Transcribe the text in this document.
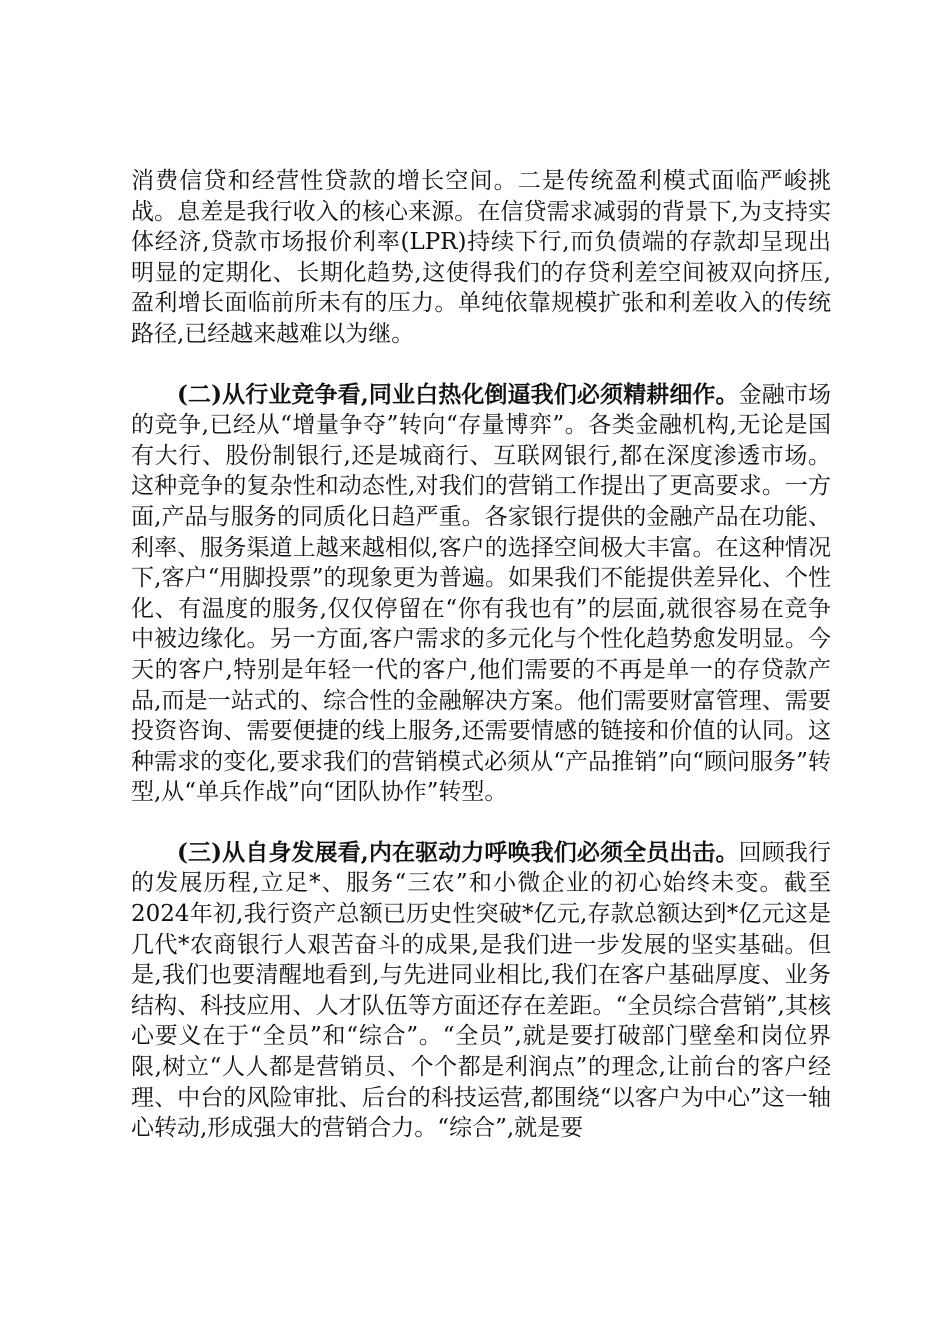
消费信贷和经营性贷款的增长空间。二是传统盈利模式面临严峻挑战。息差是我行收入的核心来源。在信贷需求减弱的背景下,为支持实体经济,贷款市场报价利率(LPR)持续下行,而负债端的存款却呈现出明显的定期化、长期化趋势,这使得我们的存贷利差空间被双向挤压,盈利增长面临前所未有的压力。单纯依靠规模扩张和利差收入的传统路径,已经越来越难以为继。

(二)从行业竞争看,同业白热化倒逼我们必须精耕细作。金融市场的竞争,已经从“增量争夺”转向“存量博弈”。各类金融机构,无论是国有大行、股份制银行,还是城商行、互联网银行,都在深度渗透市场。这种竞争的复杂性和动态性,对我们的营销工作提出了更高要求。一方面,产品与服务的同质化日趋严重。各家银行提供的金融产品在功能、利率、服务渠道上越来越相似,客户的选择空间极大丰富。在这种情况下,客户“用脚投票”的现象更为普遍。如果我们不能提供差异化、个性化、有温度的服务,仅仅停留在“你有我也有”的层面,就很容易在竞争中被边缘化。另一方面,客户需求的多元化与个性化趋势愈发明显。今天的客户,特别是年轻一代的客户,他们需要的不再是单一的存贷款产品,而是一站式的、综合性的金融解决方案。他们需要财富管理、需要投资咨询、需要便捷的线上服务,还需要情感的链接和价值的认同。这种需求的变化,要求我们的营销模式必须从“产品推销”向“顾问服务”转型,从“单兵作战”向“团队协作”转型。

(三)从自身发展看,内在驱动力呼唤我们必须全员出击。回顾我行的发展历程,立足*、服务“三农”和小微企业的初心始终未变。截至2024年初,我行资产总额已历史性突破*亿元,存款总额达到*亿元这是几代*农商银行人艰苦奋斗的成果,是我们进一步发展的坚实基础。但是,我们也要清醒地看到,与先进同业相比,我们在客户基础厚度、业务结构、科技应用、人才队伍等方面还存在差距。“全员综合营销”,其核心要义在于“全员”和“综合”。“全员”,就是要打破部门壁垒和岗位界限,树立“人人都是营销员、个个都是利润点”的理念,让前台的客户经理、中台的风险审批、后台的科技运营,都围绕“以客户为中心”这一轴心转动,形成强大的营销合力。“综合”,就是要
